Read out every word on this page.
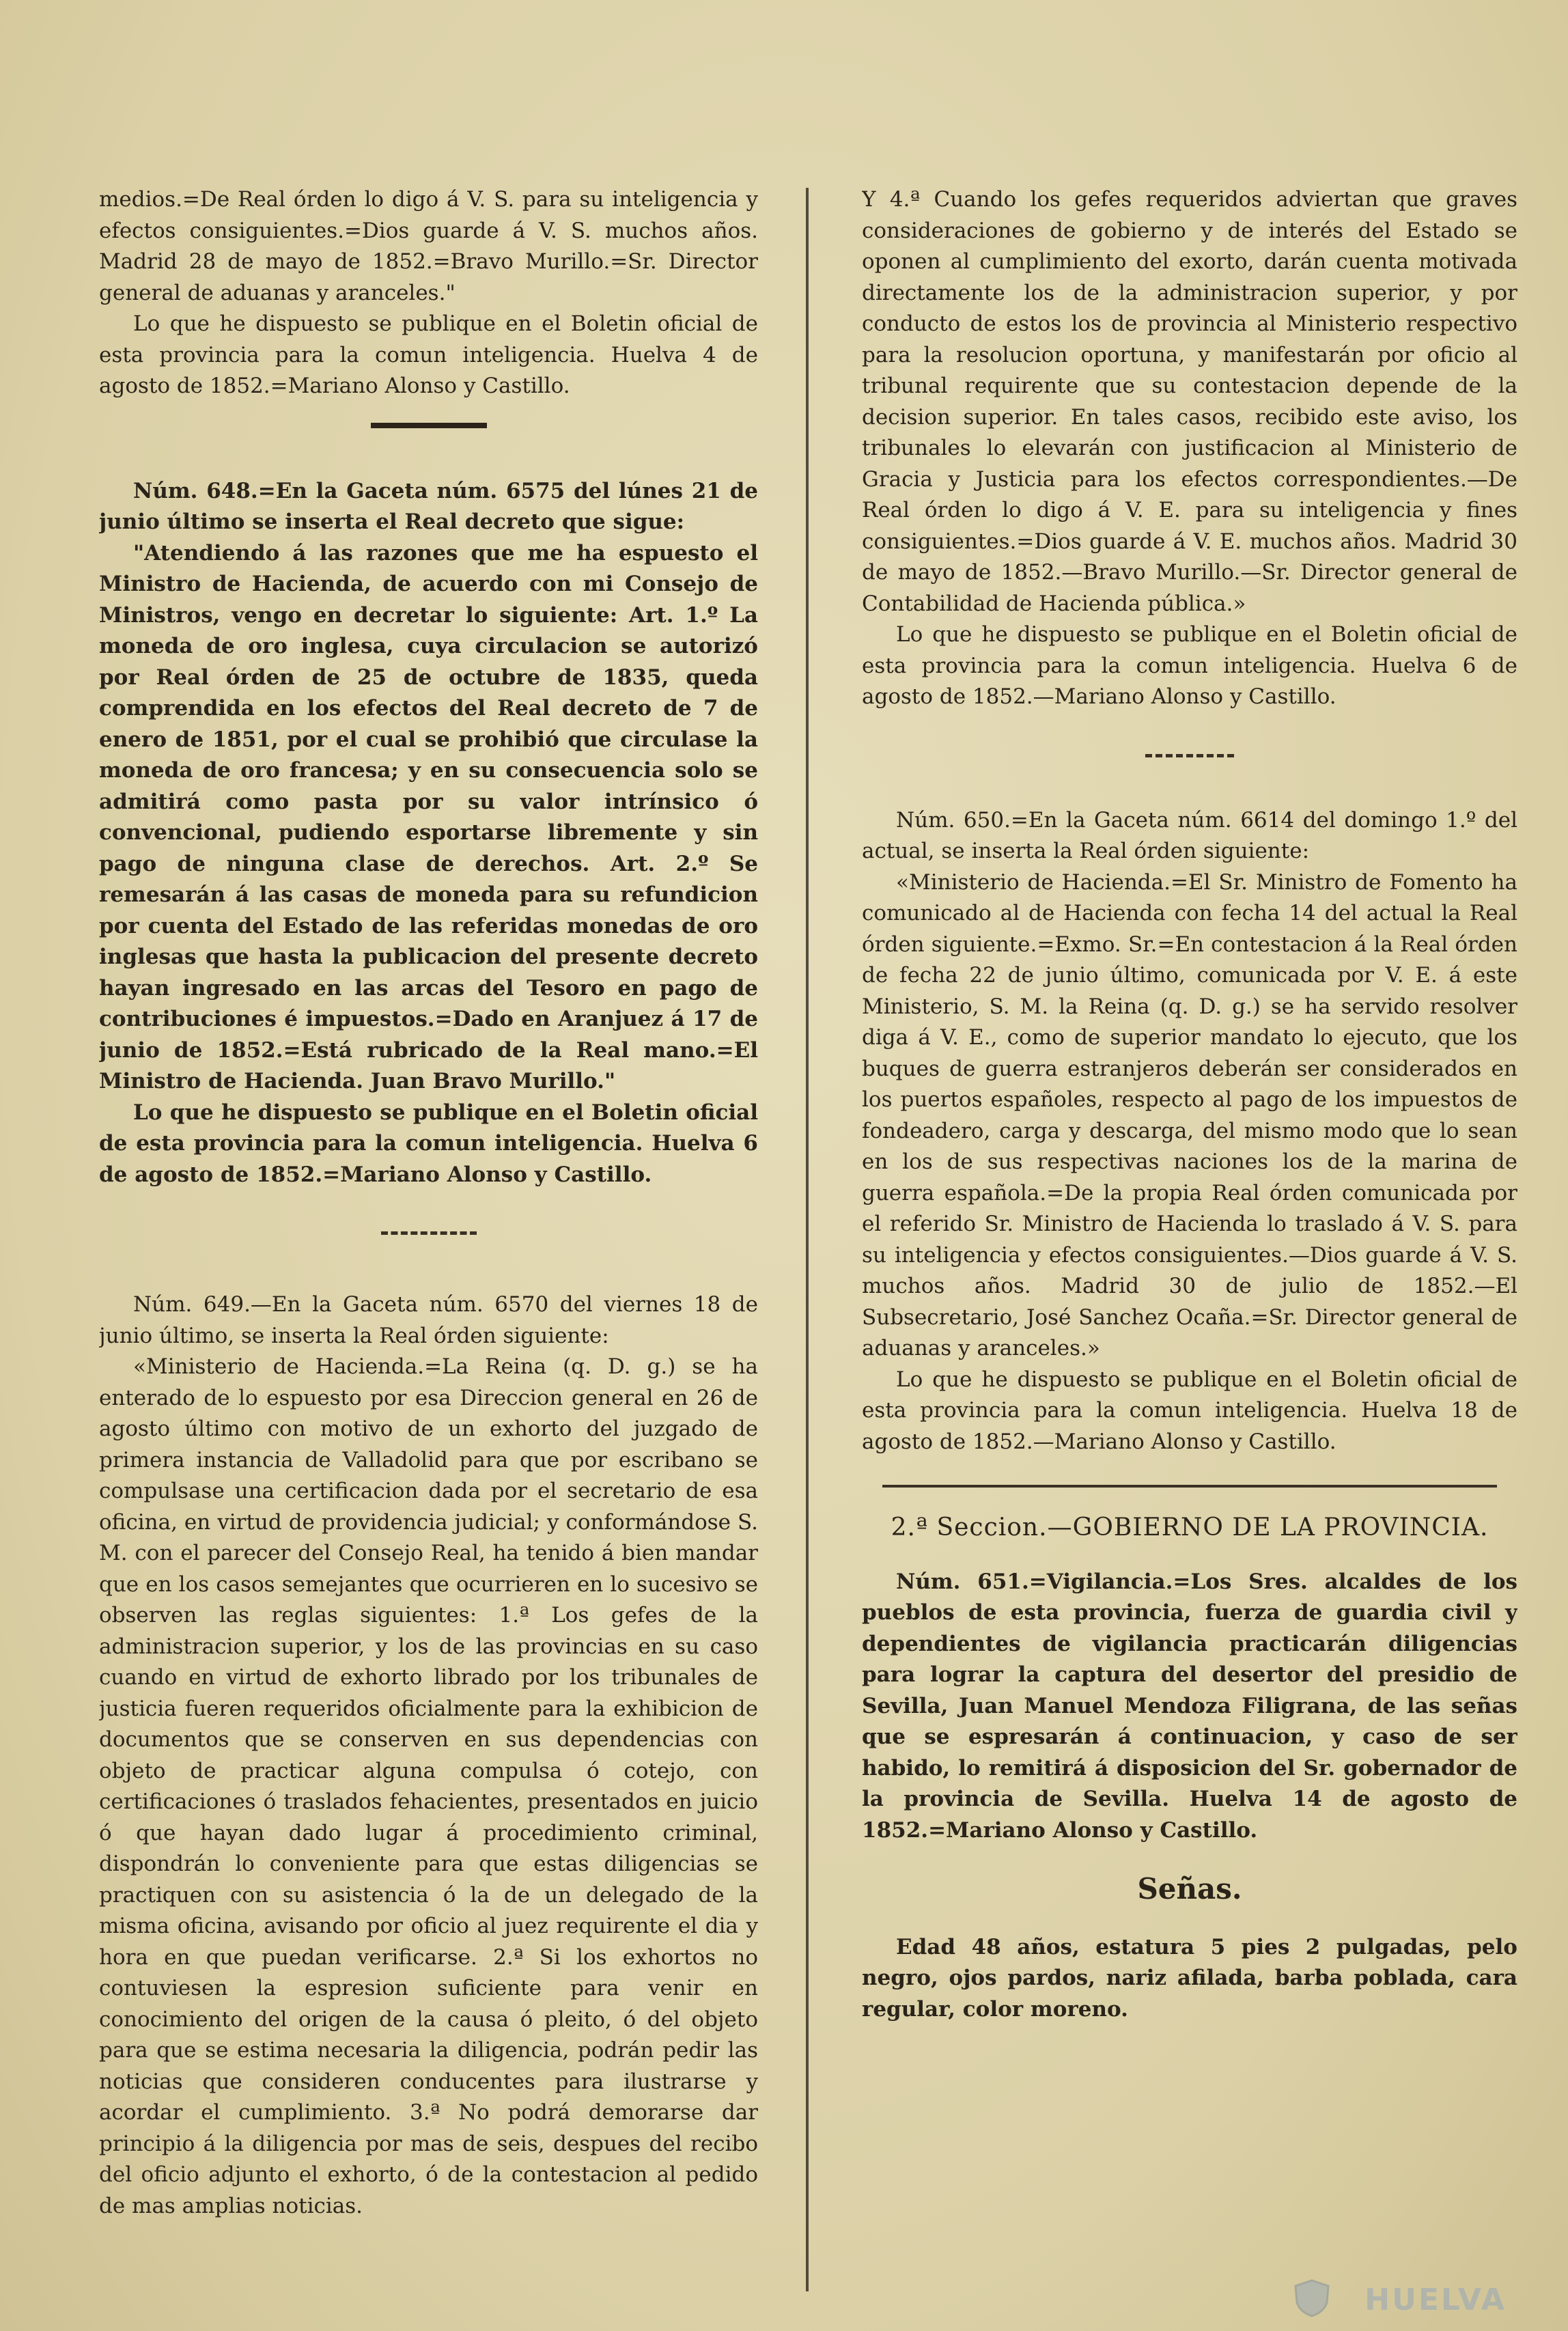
medios.=De Real órden lo digo á V. S. para su inteligencia y efectos consiguientes.=Dios guarde á V. S. muchos años. Madrid 28 de mayo de 1852.=Bravo Murillo.=Sr. Director general de aduanas y aranceles."

Lo que he dispuesto se publique en el Boletin oficial de esta provincia para la comun inteligencia. Huelva 4 de agosto de 1852.=Mariano Alonso y Castillo.

Núm. 648.=En la Gaceta núm. 6575 del lúnes 21 de junio último se inserta el Real decreto que sigue:

"Atendiendo á las razones que me ha espuesto el Ministro de Hacienda, de acuerdo con mi Consejo de Ministros, vengo en decretar lo siguiente: Art. 1.º La moneda de oro inglesa, cuya circulacion se autorizó por Real órden de 25 de octubre de 1835, queda comprendida en los efectos del Real decreto de 7 de enero de 1851, por el cual se prohibió que circulase la moneda de oro francesa; y en su consecuencia solo se admitirá como pasta por su valor intrínsico ó convencional, pudiendo esportarse libremente y sin pago de ninguna clase de derechos. Art. 2.º Se remesarán á las casas de moneda para su refundicion por cuenta del Estado de las referidas monedas de oro inglesas que hasta la publicacion del presente decreto hayan ingresado en las arcas del Tesoro en pago de contribuciones é impuestos.=Dado en Aranjuez á 17 de junio de 1852.=Está rubricado de la Real mano.=El Ministro de Hacienda. Juan Bravo Murillo."

Lo que he dispuesto se publique en el Boletin oficial de esta provincia para la comun inteligencia. Huelva 6 de agosto de 1852.=Mariano Alonso y Castillo.

Núm. 649.—En la Gaceta núm. 6570 del viernes 18 de junio último, se inserta la Real órden siguiente:

«Ministerio de Hacienda.=La Reina (q. D. g.) se ha enterado de lo espuesto por esa Direccion general en 26 de agosto último con motivo de un exhorto del juzgado de primera instancia de Valladolid para que por escribano se compulsase una certificacion dada por el secretario de esa oficina, en virtud de providencia judicial; y conformándose S. M. con el parecer del Consejo Real, ha tenido á bien mandar que en los casos semejantes que ocurrieren en lo sucesivo se observen las reglas siguientes: 1.ª Los gefes de la administracion superior, y los de las provincias en su caso cuando en virtud de exhorto librado por los tribunales de justicia fueren requeridos oficialmente para la exhibicion de documentos que se conserven en sus dependencias con objeto de practicar alguna compulsa ó cotejo, con certificaciones ó traslados fehacientes, presentados en juicio ó que hayan dado lugar á procedimiento criminal, dispondrán lo conveniente para que estas diligencias se practiquen con su asistencia ó la de un delegado de la misma oficina, avisando por oficio al juez requirente el dia y hora en que puedan verificarse. 2.ª Si los exhortos no contuviesen la espresion suficiente para venir en conocimiento del origen de la causa ó pleito, ó del objeto para que se estima necesaria la diligencia, podrán pedir las noticias que consideren conducentes para ilustrarse y acordar el cumplimiento. 3.ª No podrá demorarse dar principio á la diligencia por mas de seis, despues del recibo del oficio adjunto el exhorto, ó de la contestacion al pedido de mas amplias noticias.

Y 4.ª Cuando los gefes requeridos adviertan que graves consideraciones de gobierno y de interés del Estado se oponen al cumplimiento del exorto, darán cuenta motivada directamente los de la administracion superior, y por conducto de estos los de provincia al Ministerio respectivo para la resolucion oportuna, y manifestarán por oficio al tribunal requirente que su contestacion depende de la decision superior. En tales casos, recibido este aviso, los tribunales lo elevarán con justificacion al Ministerio de Gracia y Justicia para los efectos correspondientes.—De Real órden lo digo á V. E. para su inteligencia y fines consiguientes.=Dios guarde á V. E. muchos años. Madrid 30 de mayo de 1852.—Bravo Murillo.—Sr. Director general de Contabilidad de Hacienda pública.»

Lo que he dispuesto se publique en el Boletin oficial de esta provincia para la comun inteligencia. Huelva 6 de agosto de 1852.—Mariano Alonso y Castillo.

Núm. 650.=En la Gaceta núm. 6614 del domingo 1.º del actual, se inserta la Real órden siguiente:

«Ministerio de Hacienda.=El Sr. Ministro de Fomento ha comunicado al de Hacienda con fecha 14 del actual la Real órden siguiente.=Exmo. Sr.=En contestacion á la Real órden de fecha 22 de junio último, comunicada por V. E. á este Ministerio, S. M. la Reina (q. D. g.) se ha servido resolver diga á V. E., como de superior mandato lo ejecuto, que los buques de guerra estranjeros deberán ser considerados en los puertos españoles, respecto al pago de los impuestos de fondeadero, carga y descarga, del mismo modo que lo sean en los de sus respectivas naciones los de la marina de guerra española.=De la propia Real órden comunicada por el referido Sr. Ministro de Hacienda lo traslado á V. S. para su inteligencia y efectos consiguientes.—Dios guarde á V. S. muchos años. Madrid 30 de julio de 1852.—El Subsecretario, José Sanchez Ocaña.=Sr. Director general de aduanas y aranceles.»

Lo que he dispuesto se publique en el Boletin oficial de esta provincia para la comun inteligencia. Huelva 18 de agosto de 1852.—Mariano Alonso y Castillo.

2.ª Seccion.—GOBIERNO DE LA PROVINCIA.

Núm. 651.=Vigilancia.=Los Sres. alcaldes de los pueblos de esta provincia, fuerza de guardia civil y dependientes de vigilancia practicarán diligencias para lograr la captura del desertor del presidio de Sevilla, Juan Manuel Mendoza Filigrana, de las señas que se espresarán á continuacion, y caso de ser habido, lo remitirá á disposicion del Sr. gobernador de la provincia de Sevilla. Huelva 14 de agosto de 1852.=Mariano Alonso y Castillo.

Señas.

Edad 48 años, estatura 5 pies 2 pulgadas, pelo negro, ojos pardos, nariz afilada, barba poblada, cara regular, color moreno.

HUELVA
